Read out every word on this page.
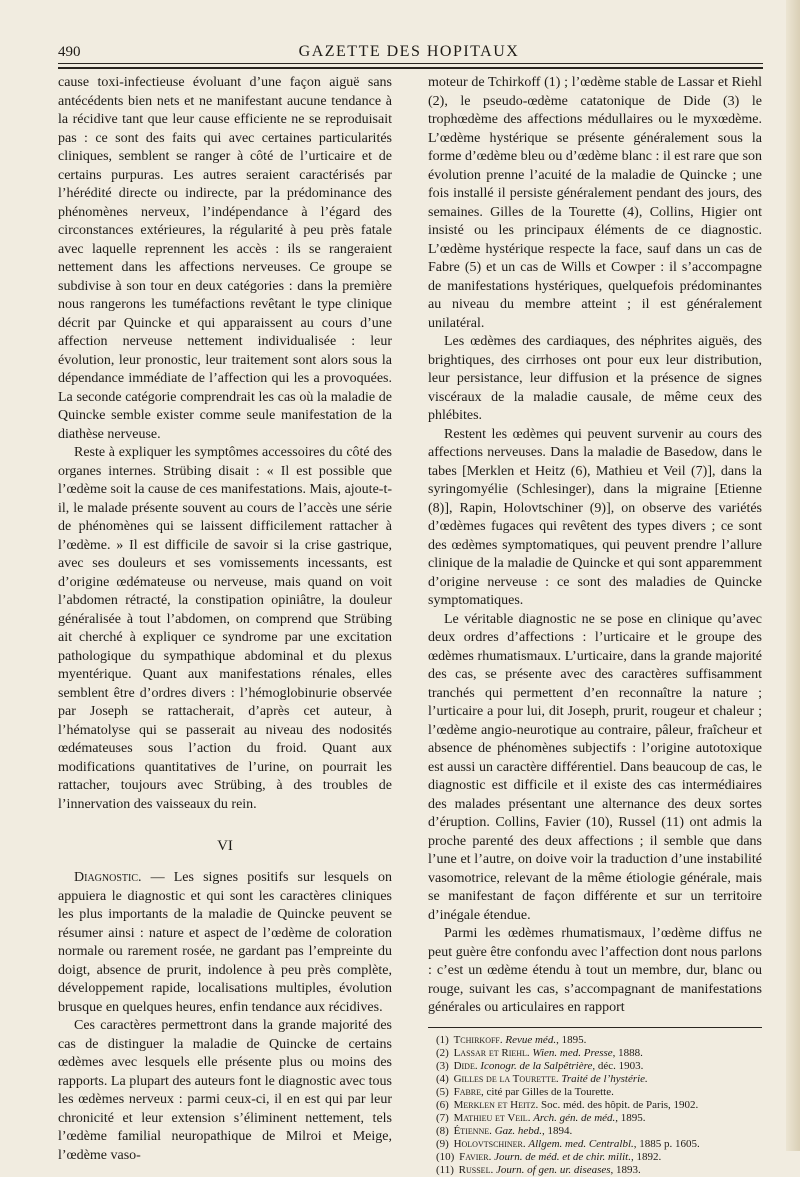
490	GAZETTE DES HOPITAUX

cause toxi-infectieuse évoluant d’une façon aiguë sans antécédents bien nets et ne manifestant aucune tendance à la récidive tant que leur cause efficiente ne se reproduisait pas : ce sont des faits qui avec certaines particularités cliniques, semblent se ranger à côté de l’urticaire et de certains purpuras. Les autres seraient caractérisés par l’hérédité directe ou indirecte, par la prédominance des phénomènes nerveux, l’indépendance à l’égard des circonstances extérieures, la régularité à peu près fatale avec laquelle reprennent les accès : ils se rangeraient nettement dans les affections nerveuses. Ce groupe se subdivise à son tour en deux catégories : dans la première nous rangerons les tuméfactions revêtant le type clinique décrit par Quincke et qui apparaissent au cours d’une affection nerveuse nettement individualisée : leur évolution, leur pronostic, leur traitement sont alors sous la dépendance immédiate de l’affection qui les a provoquées. La seconde catégorie comprendrait les cas où la maladie de Quincke semble exister comme seule manifestation de la diathèse nerveuse.

Reste à expliquer les symptômes accessoires du côté des organes internes. Strübing disait : « Il est possible que l’œdème soit la cause de ces manifestations. Mais, ajoute-t-il, le malade présente souvent au cours de l’accès une série de phénomènes qui se laissent difficilement rattacher à l’œdème. » Il est difficile de savoir si la crise gastrique, avec ses douleurs et ses vomissements incessants, est d’origine œdémateuse ou nerveuse, mais quand on voit l’abdomen rétracté, la constipation opiniâtre, la douleur généralisée à tout l’abdomen, on comprend que Strübing ait cherché à expliquer ce syndrome par une excitation pathologique du sympathique abdominal et du plexus myentérique. Quant aux manifestations rénales, elles semblent être d’ordres divers : l’hémoglobinurie observée par Joseph se rattacherait, d’après cet auteur, à l’hématolyse qui se passerait au niveau des nodosités œdémateuses sous l’action du froid. Quant aux modifications quantitatives de l’urine, on pourrait les rattacher, toujours avec Strübing, à des troubles de l’innervation des vaisseaux du rein.

VI

Diagnostic. — Les signes positifs sur lesquels on appuiera le diagnostic et qui sont les caractères cliniques les plus importants de la maladie de Quincke peuvent se résumer ainsi : nature et aspect de l’œdème de coloration normale ou rarement rosée, ne gardant pas l’empreinte du doigt, absence de prurit, indolence à peu près complète, développement rapide, localisations multiples, évolution brusque en quelques heures, enfin tendance aux récidives.

Ces caractères permettront dans la grande majorité des cas de distinguer la maladie de Quincke de certains œdèmes avec lesquels elle présente plus ou moins des rapports. La plupart des auteurs font le diagnostic avec tous les œdèmes nerveux : parmi ceux-ci, il en est qui par leur chronicité et leur extension s’éliminent nettement, tels l’œdème familial neuropathique de Milroi et Meige, l’œdème vaso-

moteur de Tchirkoff (1) ; l’œdème stable de Lassar et Riehl (2), le pseudo-œdème catatonique de Dide (3) le trophœdème des affections médullaires ou le myxœdème. L’œdème hystérique se présente généralement sous la forme d’œdème bleu ou d’œdème blanc : il est rare que son évolution prenne l’acuité de la maladie de Quincke ; une fois installé il persiste généralement pendant des jours, des semaines. Gilles de la Tourette (4), Collins, Higier ont insisté ou les principaux éléments de ce diagnostic. L’œdème hystérique respecte la face, sauf dans un cas de Fabre (5) et un cas de Wills et Cowper : il s’accompagne de manifestations hystériques, quelquefois prédominantes au niveau du membre atteint ; il est généralement unilatéral.

Les œdèmes des cardiaques, des néphrites aiguës, des brightiques, des cirrhoses ont pour eux leur distribution, leur persistance, leur diffusion et la présence de signes viscéraux de la maladie causale, de même ceux des phlébites.

Restent les œdèmes qui peuvent survenir au cours des affections nerveuses. Dans la maladie de Basedow, dans le tabes [Merklen et Heitz (6), Mathieu et Veil (7)], dans la syringomyélie (Schlesinger), dans la migraine [Etienne (8)], Rapin, Holovtschiner (9)], on observe des variétés d’œdèmes fugaces qui revêtent des types divers ; ce sont des œdèmes symptomatiques, qui peuvent prendre l’allure clinique de la maladie de Quincke et qui sont apparemment d’origine nerveuse : ce sont des maladies de Quincke symptomatiques.

Le véritable diagnostic ne se pose en clinique qu’avec deux ordres d’affections : l’urticaire et le groupe des œdèmes rhumatismaux. L’urticaire, dans la grande majorité des cas, se présente avec des caractères suffisamment tranchés qui permettent d’en reconnaître la nature ; l’urticaire a pour lui, dit Joseph, prurit, rougeur et chaleur ; l’œdème angio-neurotique au contraire, pâleur, fraîcheur et absence de phénomènes subjectifs : l’origine autotoxique est aussi un caractère différentiel. Dans beaucoup de cas, le diagnostic est difficile et il existe des cas intermédiaires des malades présentant une alternance des deux sortes d’éruption. Collins, Favier (10), Russel (11) ont admis la proche parenté des deux affections ; il semble que dans l’une et l’autre, on doive voir la traduction d’une instabilité vasomotrice, relevant de la même étiologie générale, mais se manifestant de façon différente et sur un territoire d’inégale étendue.

Parmi les œdèmes rhumatismaux, l’œdème diffus ne peut guère être confondu avec l’affection dont nous parlons : c’est un œdème étendu à tout un membre, dur, blanc ou rouge, suivant les cas, s’accompagnant de manifestations générales ou articulaires en rapport

(1) Tchirkoff. Revue méd., 1895.
(2) Lassar et Riehl. Wien. med. Presse, 1888.
(3) Dide. Iconogr. de la Salpêtrière, déc. 1903.
(4) Gilles de la Tourette. Traité de l’hystérie.
(5) Fabre, cité par Gilles de la Tourette.
(6) Merklen et Heitz. Soc. méd. des hôpit. de Paris, 1902.
(7) Mathieu et Veil. Arch. gén. de méd., 1895.
(8) Étienne. Gaz. hebd., 1894.
(9) Holovtschiner. Allgem. med. Centralbl., 1885 p. 1605.
(10) Favier. Journ. de méd. et de chir. milit., 1892.
(11) Russel. Journ. of gen. ur. diseases, 1893.
